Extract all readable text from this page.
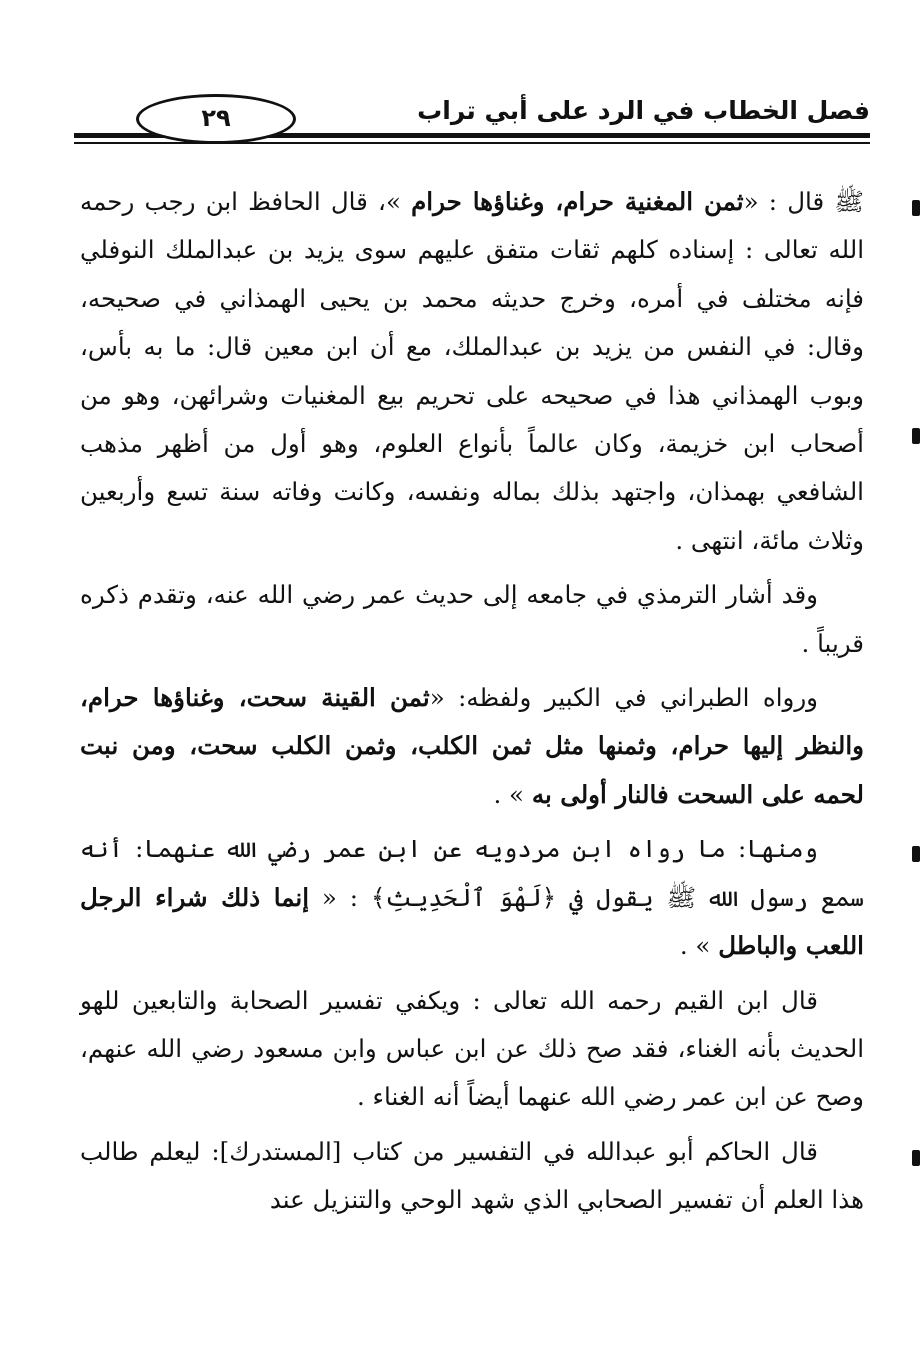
فصل الخطاب في الرد على أبي تراب
٢٩

ﷺ قال : «ثمن المغنية حرام، وغناؤها حرام »، قال الحافظ ابن رجب رحمه الله تعالى : إسناده كلهم ثقات متفق عليهم سوى يزيد بن عبدالملك النوفلي فإنه مختلف في أمره، وخرج حديثه محمد بن يحيى الهمذاني في صحيحه، وقال: في النفس من يزيد بن عبدالملك، مع أن ابن معين قال: ما به بأس، وبوب الهمذاني هذا في صحيحه على تحريم بيع المغنيات وشرائهن، وهو من أصحاب ابن خزيمة، وكان عالماً بأنواع العلوم، وهو أول من أظهر مذهب الشافعي بهمذان، واجتهد بذلك بماله ونفسه، وكانت وفاته سنة تسع وأربعين وثلاث مائة، انتهى .

وقد أشار الترمذي في جامعه إلى حديث عمر رضي الله عنه، وتقدم ذكره قريباً .

ورواه الطبراني في الكبير ولفظه: «ثمن القينة سحت، وغناؤها حرام، والنظر إليها حرام، وثمنها مثل ثمن الكلب، وثمن الكلب سحت، ومن نبت لحمه على السحت فالنار أولى به » .

ومنها: ما رواه ابن مردويه عن ابن عمر رضي الله عنهما: أنه سمع رسول الله ﷺ يقول في ﴿لَهْوَ ٱلْحَدِيثِ﴾ : « إنما ذلك شراء الرجل اللعب والباطل » .

قال ابن القيم رحمه الله تعالى : ويكفي تفسير الصحابة والتابعين للهو الحديث بأنه الغناء، فقد صح ذلك عن ابن عباس وابن مسعود رضي الله عنهم، وصح عن ابن عمر رضي الله عنهما أيضاً أنه الغناء .

قال الحاكم أبو عبدالله في التفسير من كتاب [المستدرك]: ليعلم طالب هذا العلم أن تفسير الصحابي الذي شهد الوحي والتنزيل عند
